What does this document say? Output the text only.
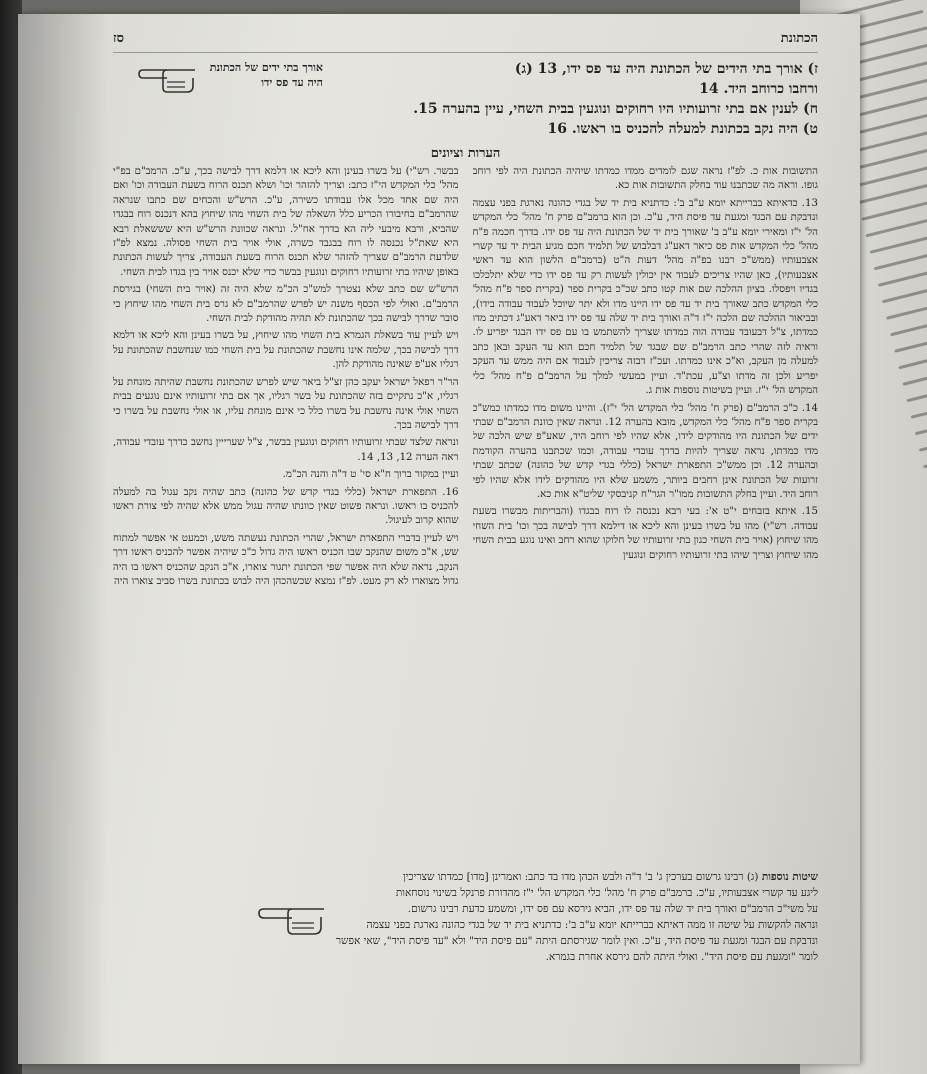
הכתונת
סז

ז) אורך בתי הידים של הכתונת היה עד פס ידו, 13 (ג)

ורחבו כרוחב היד. 14

ח) לענין אם בתי זרועותיו היו רחוקים ונוגעין בבית השחי, עיין בהערה 15.

ט) היה נקב בכתונת למעלה להכניס בו ראשו. 16

אורך בתי ידים של הכתונת היה עד פס ידו
הערות וציונים

התשובות אות כ. לפ"ז נראה שגם לומדים ממדו כמדתו שיהיה הכתונת היה לפי רוחב גופו. וראה מה שכתבנו עוד בחלק התשובות אות כא.

13. כדאיתא בברייתא יומא ע"ב ב': כדתניא בית יד של בגדי כהונה נארגת בפני עצמה ונדבקת עם הבגד ומגעת עד פיסת היד, ע"כ. וכן הוא ברמב"ם פרק ח' מהל' כלי המקדש הל' י"ז ומאירי יומא ע"ב ב' שאורך בית יד של הכתונת היה עד פס ידו. בדרך חכמה פ"ח מהל' כלי המקדש אות פס כיאר דאע"ג דבלבוש של תלמיד חכם מגיע הבית יד עד קשרי אצבעותיו (ממש"כ רבנו בפ"ה מהל' דעות ה"ט (ברמב"ם הלשון הוא עד ראשי אצבעותיו), כאן שהיו צריכים לעבוד אין יכולין לעשות רק עד פס ידו כדי שלא יתלכלכו בגדיו ויפסלו. בציון ההלכה שם אות קטו כתב שכ"כ בקרית ספר (בקרית ספר פ"ח מהל' כלי המקדש כתב שאורך בית יד עד פס ידו היינו מדו ולא יתר שיוכל לעבוד עבודה בידו), ובביאור ההלכה שם הלכה י"ז ד"ה ואורך בית יד שלה עד פס ידו ביאר דאע"ג דכתיב מדו כמדתו, צ"ל דבעובד עבודה הוה כמדתו שצריך להשתמש בו עם פס ידו הבגד יפריע לו. וראיה לזה שהרי כתב הרמב"ם שם שבגד של תלמיד חכם הוא עד העקב ובאן כתב למעלה מן העקב, וא"כ אינו כמדתו. ועכ"ז דבזה צריכין לעבוד אם היה ממש עד העקב יפריע ולכן זה מדתו וצ"ע, עכת"ד. ועיין במעשי למלך על הרמב"ם פ"ח מהל' כלי המקדש הל' י"ז. ועיין בשיטות נוספות אות ג.

14. כ"כ הרמב"ם (פרק ח' מהל' כלי המקדש הל' י"ז). והיינו משום מדו כמדתו כמש"כ בקרית ספר פ"ח מהל' כלי המקדש, מובא בהערה 12. ונראה שאין כוונת הרמב"ם שבתי ידים של הכתונת היו מהודקים לידו, אלא שהיו לפי רוחב היד, שאע"פ שיש הלכה של מדו כמדתו, נראה שצריך להיות בדרך עובדי עבודה, וכמו שכתבנו בהערה הקודמת ובהערה 12. וכן ממש"כ התפארת ישראל (כללי בגדי קדש של כהונה) שכתב שבתי זרועות של הכתונת אינן רחבים ביותר, משמע שלא היו מהודקים לידו אלא שהיו לפי רוחב היד. ועיין בחלק התשובות ממו"ר הגר"ח קניבסקי שליט"א אות כא.

15. איתא בזבחים י"ט א': בעי רבא נכנסה לו רוח בבגדו (והבריתות מבשרו בשעת עבודה. רש"י) מהו על בשרו בעינן והא ליכא או דילמא דרך לבישה בכך וכו' בית השחי מהו שיחוץ (אויר בית השחי כגון בתי זרועותיו של חלוקו שהוא רחב ואינו נוגע בבית השחי מהו שיחוץ וצריך שיהו בתי זרועותיו רחוקים ונוגעין

בבשר. רש"י) על בשרו בעינן והא ליכא או דלמא דרך לבישה בכך, ע"כ. הרמב"ם בפ"י מהל' כלי המקדש הי"ז כתב: וצריך להזהר וכו' ושלא תכנס הרוח בשעת העבודה וכו' ואם היה שם אחד מכל אלו עבודתו כשירה, ע"כ. הרש"ש והכחים שם כתבו שנראה שהרמב"ם בחיבורו הכריע כלל השאלה של בית השחי מהו שיחוץ בהא דנכנס רוח בבגדו שהביא, ורבא מיבעי ליה הא בדרך אח"ל. ונראה שכוונת הרש"ש היא שששאלת רבא היא שאת"ל נכנסה לו רוח בבגבד כשרה, אולי אויר בית השחי פסולה. נמצא לפ"ז שלדעת הרמב"ם שצריך להזהר שלא תכנס הרוח בשעת העבודה, צריך לעשות הכתונת באופן שיהיו בתי זרועותיו רחוקים ונוגעין בבשר כדי שלא יכנס אויר בין בגדו לבית השחי.

הרש"ש שם כתב שלא נצטרך למש"כ הכ"מ שלא היה זה (אויר בית השחי) בגירסת הרמב"ם. ואולי לפי הכסף משנה יש לפרש שהרמב"ם לא גרס בית השחי מהו שיחוץ כי סובר שדרך לבישה בכך שהכתונת לא תהיה מהודקת לבית השחי.

ויש לעיין עוד בשאלת הגמרא בית השחי מהו שיחוץ, על בשרו בעינן והא ליכא או דלמא דרך לבישה בכך, שלמה אינו נחשבת שהכתונת על בית השחי כמו שנחשבת שהכתונת על רגליו אע"פ שאינה מהודקת להן.

הר"ר רפאל ישראל יעקב כהן זצ"ל ביאר שיש לפרש שהכתונת נחשבת שהיתה מונחת על רגליו, א"כ נתקיים בזה שהכתונת על בשר רגליו, אך אם בתי זרועותיו אינם נוגעים בבית השחי אולי אינה נחשבת על בשרו כלל כי אינם מונחת עליו, או אולי נחשבת על בשרו כי דרך לבישה בכך.

ונראה שלצד שבתי זרועותיו רחוקים ונוגעין בבשר, צ"ל שערייין נחשב כדרך עובדי עבודה, ראה הערה 12, 13, 14.

ועיין במקור ברוך ח"א סי' ט ד"ה והנה הכ"מ.

16. התפארת ישראל (כללי בגדי קדש של כהונה) כתב שהיה נקב עגול בה למעלה להכניס בו ראשו. ונראה פשוט שאין כוונתו שהיה עגול ממש אלא שהיה לפי צורת ראשו שהוא קרוב לעיגול.

ויש לעיין בדברי התפארת ישראל, שהרי הכתונת נעשתה משש, וכמעט אי אפשר למתוח שש, א"כ משום שהנקב שבו הכניס ראשו היה גדול כ"כ שיהיה אפשר להכניס ראשו דרך הנקב, נראה שלא היה אפשר שפי הכתונת יתגור צוארו, א"כ הנקב שהכניס ראשו בו היה גדול מצוארו לא רק מעט. לפ"ז נמצא שכשהכהן היה לבוש בכתונת בשרו סביב צוארו היה

שיטות נוספות (ג) רבינו גרשום בערכין ג' ב' ד"ה ולבש הכהן מדו בד כתב: ואמרינן [מדו] כמדתו שצריכין

ליגע עד קשרי אצבעותיו, ע"כ. ברמב"ם פרק ח' מהל' כלי המקדש הל' י"ז מהדורת פרנקל בשינוי נוסחאות

על משי"כ הרמב"ם ואורך בית יד שלה עד פס ידו, הביא גירסא עם פס ידו, ומשמע כדעת רבינו גרשום.

ונראה להקשות על שיטה זו ממה דאיתא בברייתא יומא ע"ב ב': כדתניא בית יד של בגדי כהונה נארגת בפני עצמה

ונדבקת עם הבגד ומגעת עד פיסת היד, ע"כ. ואין לומר שגירסתם היתה "עם פיסת היד" ולא "עד פיסת היד", שאי אפשר

לומר "ומגעת עם פיסת היד". ואולי היתה להם גירסא אחרת בגמרא.
